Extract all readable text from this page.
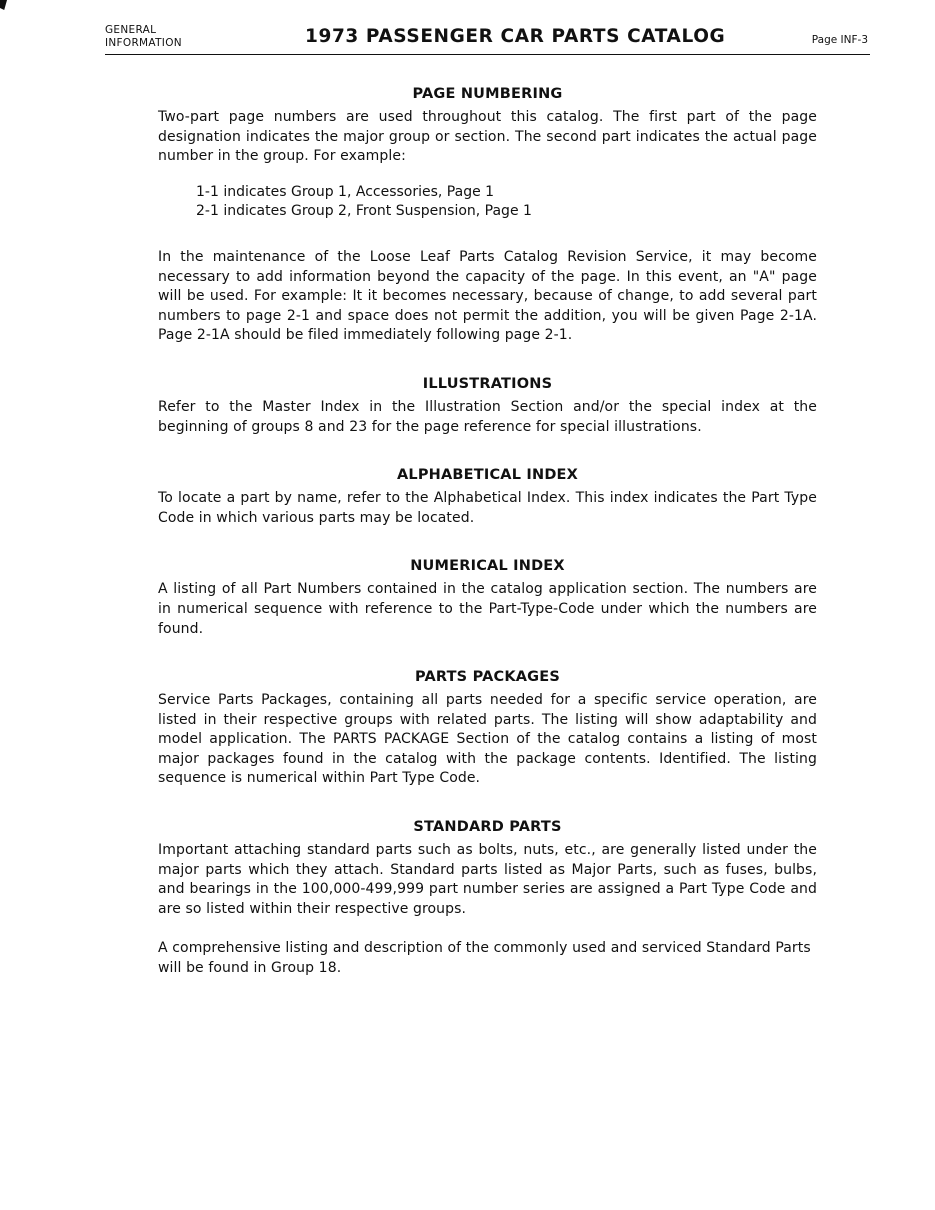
GENERAL
INFORMATION	1973 PASSENGER CAR PARTS CATALOG	Page INF-3
PAGE NUMBERING

Two-part page numbers are used throughout this catalog. The first part of the page designation indicates the major group or section. The second part indicates the actual page number in the group. For example:

1-1 indicates Group 1, Accessories, Page 1
2-1 indicates Group 2, Front Suspension, Page 1

In the maintenance of the Loose Leaf Parts Catalog Revision Service, it may become necessary to add information beyond the capacity of the page. In this event, an "A" page will be used. For example: It it becomes necessary, because of change, to add several part numbers to page 2-1 and space does not permit the addition, you will be given Page 2-1A. Page 2-1A should be filed immediately following page 2-1.

ILLUSTRATIONS

Refer to the Master Index in the Illustration Section and/or the special index at the beginning of groups 8 and 23 for the page reference for special illustrations.

ALPHABETICAL INDEX

To locate a part by name, refer to the Alphabetical Index. This index indicates the Part Type Code in which various parts may be located.

NUMERICAL INDEX

A listing of all Part Numbers contained in the catalog application section. The numbers are in numerical sequence with reference to the Part-Type-Code under which the numbers are found.

PARTS PACKAGES

Service Parts Packages, containing all parts needed for a specific service operation, are listed in their respective groups with related parts. The listing will show adaptability and model application. The PARTS PACKAGE Section of the catalog contains a listing of most major packages found in the catalog with the package contents. Identified. The listing sequence is numerical within Part Type Code.

STANDARD PARTS

Important attaching standard parts such as bolts, nuts, etc., are generally listed under the major parts which they attach. Standard parts listed as Major Parts, such as fuses, bulbs, and bearings in the 100,000-499,999 part number series are assigned a Part Type Code and are so listed within their respective groups.

A comprehensive listing and description of the commonly used and serviced Standard Parts will be found in Group 18.
